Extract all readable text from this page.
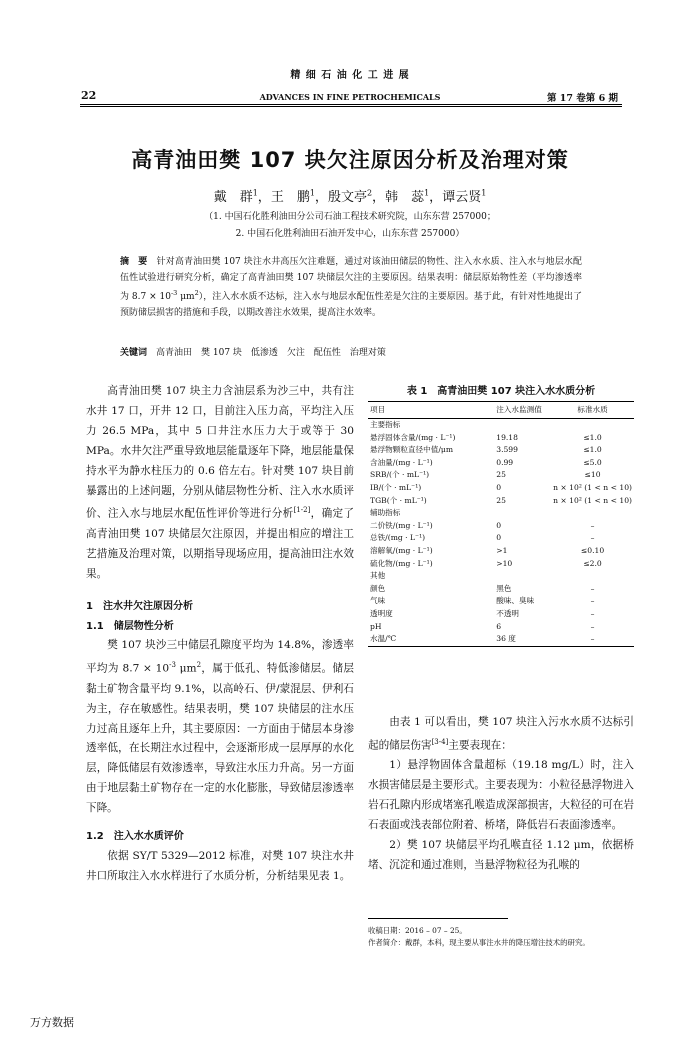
精 细 石 油 化 工 进 展
22	ADVANCES IN FINE PETROCHEMICALS	第 17 卷第 6 期
高青油田樊 107 块欠注原因分析及治理对策
戴　群$^1$，王　鹏$^1$，殷文亭$^2$，韩　蕊$^1$，谭云贤$^1$
（1. 中国石化胜利油田分公司石油工程技术研究院，山东东营 257000；
2. 中国石化胜利油田石油开发中心，山东东营 257000）
摘　要　 针对高青油田樊 107 块注水井高压欠注难题，通过对该油田储层的物性、注入水水质、注入水与地层水配伍性试验进行研究分析，确定了高青油田樊 107 块储层欠注的主要原因。结果表明：储层原始物性差（平均渗透率为 $8.7 \times 10^{-3}$ $\mu m^2$），注入水水质不达标，注入水与地层水配伍性差是欠注的主要原因。基于此，有针对性地提出了预防储层损害的措施和手段，以期改善注水效果，提高注水效率。
关键词　 高青油田　樊 107 块　低渗透　欠注　配伍性　治理对策

高青油田樊 107 块主力含油层系为沙三中，共有注水井 17 口，开井 12 口，目前注入压力高，平均注入压力 26.5 MPa，其中 5 口井注水压力大于或等于 30 MPa。水井欠注严重导致地层能量逐年下降，地层能量保持水平为静水柱压力的 0.6 倍左右。针对樊 107 块目前暴露出的上述问题，分别从储层物性分析、注入水水质评价、注入水与地层水配伍性评价等进行分析[1-2]，确定了高青油田樊 107 块储层欠注原因，并提出相应的增注工艺措施及治理对策，以期指导现场应用，提高油田注水效果。

1　注水井欠注原因分析

1.1　储层物性分析

樊 107 块沙三中储层孔隙度平均为 14.8%，渗透率平均为 $8.7 \times 10^{-3}$ $\mu m^2$，属于低孔、特低渗储层。储层黏土矿物含量平均 9.1%，以高岭石、伊/蒙混层、伊利石为主，存在敏感性。结果表明，樊 107 块储层的注水压力过高且逐年上升，其主要原因：一方面由于储层本身渗透率低，在长期注水过程中，会逐渐形成一层厚厚的水化层，降低储层有效渗透率，导致注水压力升高。另一方面由于地层黏土矿物存在一定的水化膨胀，导致储层渗透率下降。

1.2　注入水水质评价

依据 SY/T 5329—2012 标准，对樊 107 块注水井井口所取注入水水样进行了水质分析，分析结果见表 1。

表 1　高青油田樊 107 块注入水水质分析
项目	注入水监测值	标准水质
主要指标		
悬浮固体含量/(mg · L⁻¹)	19.18	≤1.0
悬浮物颗粒直径中值/μm	3.599	≤1.0
含油量/(mg · L⁻¹)	0.99	≤5.0
SRB/(个 · mL⁻¹)	25	≤10
IB/(个 · mL⁻¹)	0	n × 10² (1 < n < 10)
TGB(个 · mL⁻¹)	25	n × 10² (1 < n < 10)
辅助指标		
二价铁/(mg · L⁻¹)	0	–
总铁/(mg · L⁻¹)	0	–
溶解氧/(mg · L⁻¹)	>1	≤0.10
硫化物/(mg · L⁻¹)	>10	≤2.0
其他		
颜色	黑色	–
气味	酸味、臭味	–
透明度	不透明	–
pH	6	–
水温/℃	36 度	–

由表 1 可以看出，樊 107 块注入污水水质不达标引起的储层伤害[3-4]主要表现在：

1）悬浮物固体含量超标（19.18 mg/L）时，注入水损害储层是主要形式。主要表现为：小粒径悬浮物进入岩石孔隙内形成堵塞孔喉造成深部损害，大粒径的可在岩石表面或浅表部位附着、桥堵，降低岩石表面渗透率。

2）樊 107 块储层平均孔喉直径 1.12 μm，依据桥堵、沉淀和通过准则，当悬浮物粒径为孔喉的

收稿日期：2016 – 07 – 25。
作者简介：戴群，本科，现主要从事注水井的降压增注技术的研究。
万方数据
